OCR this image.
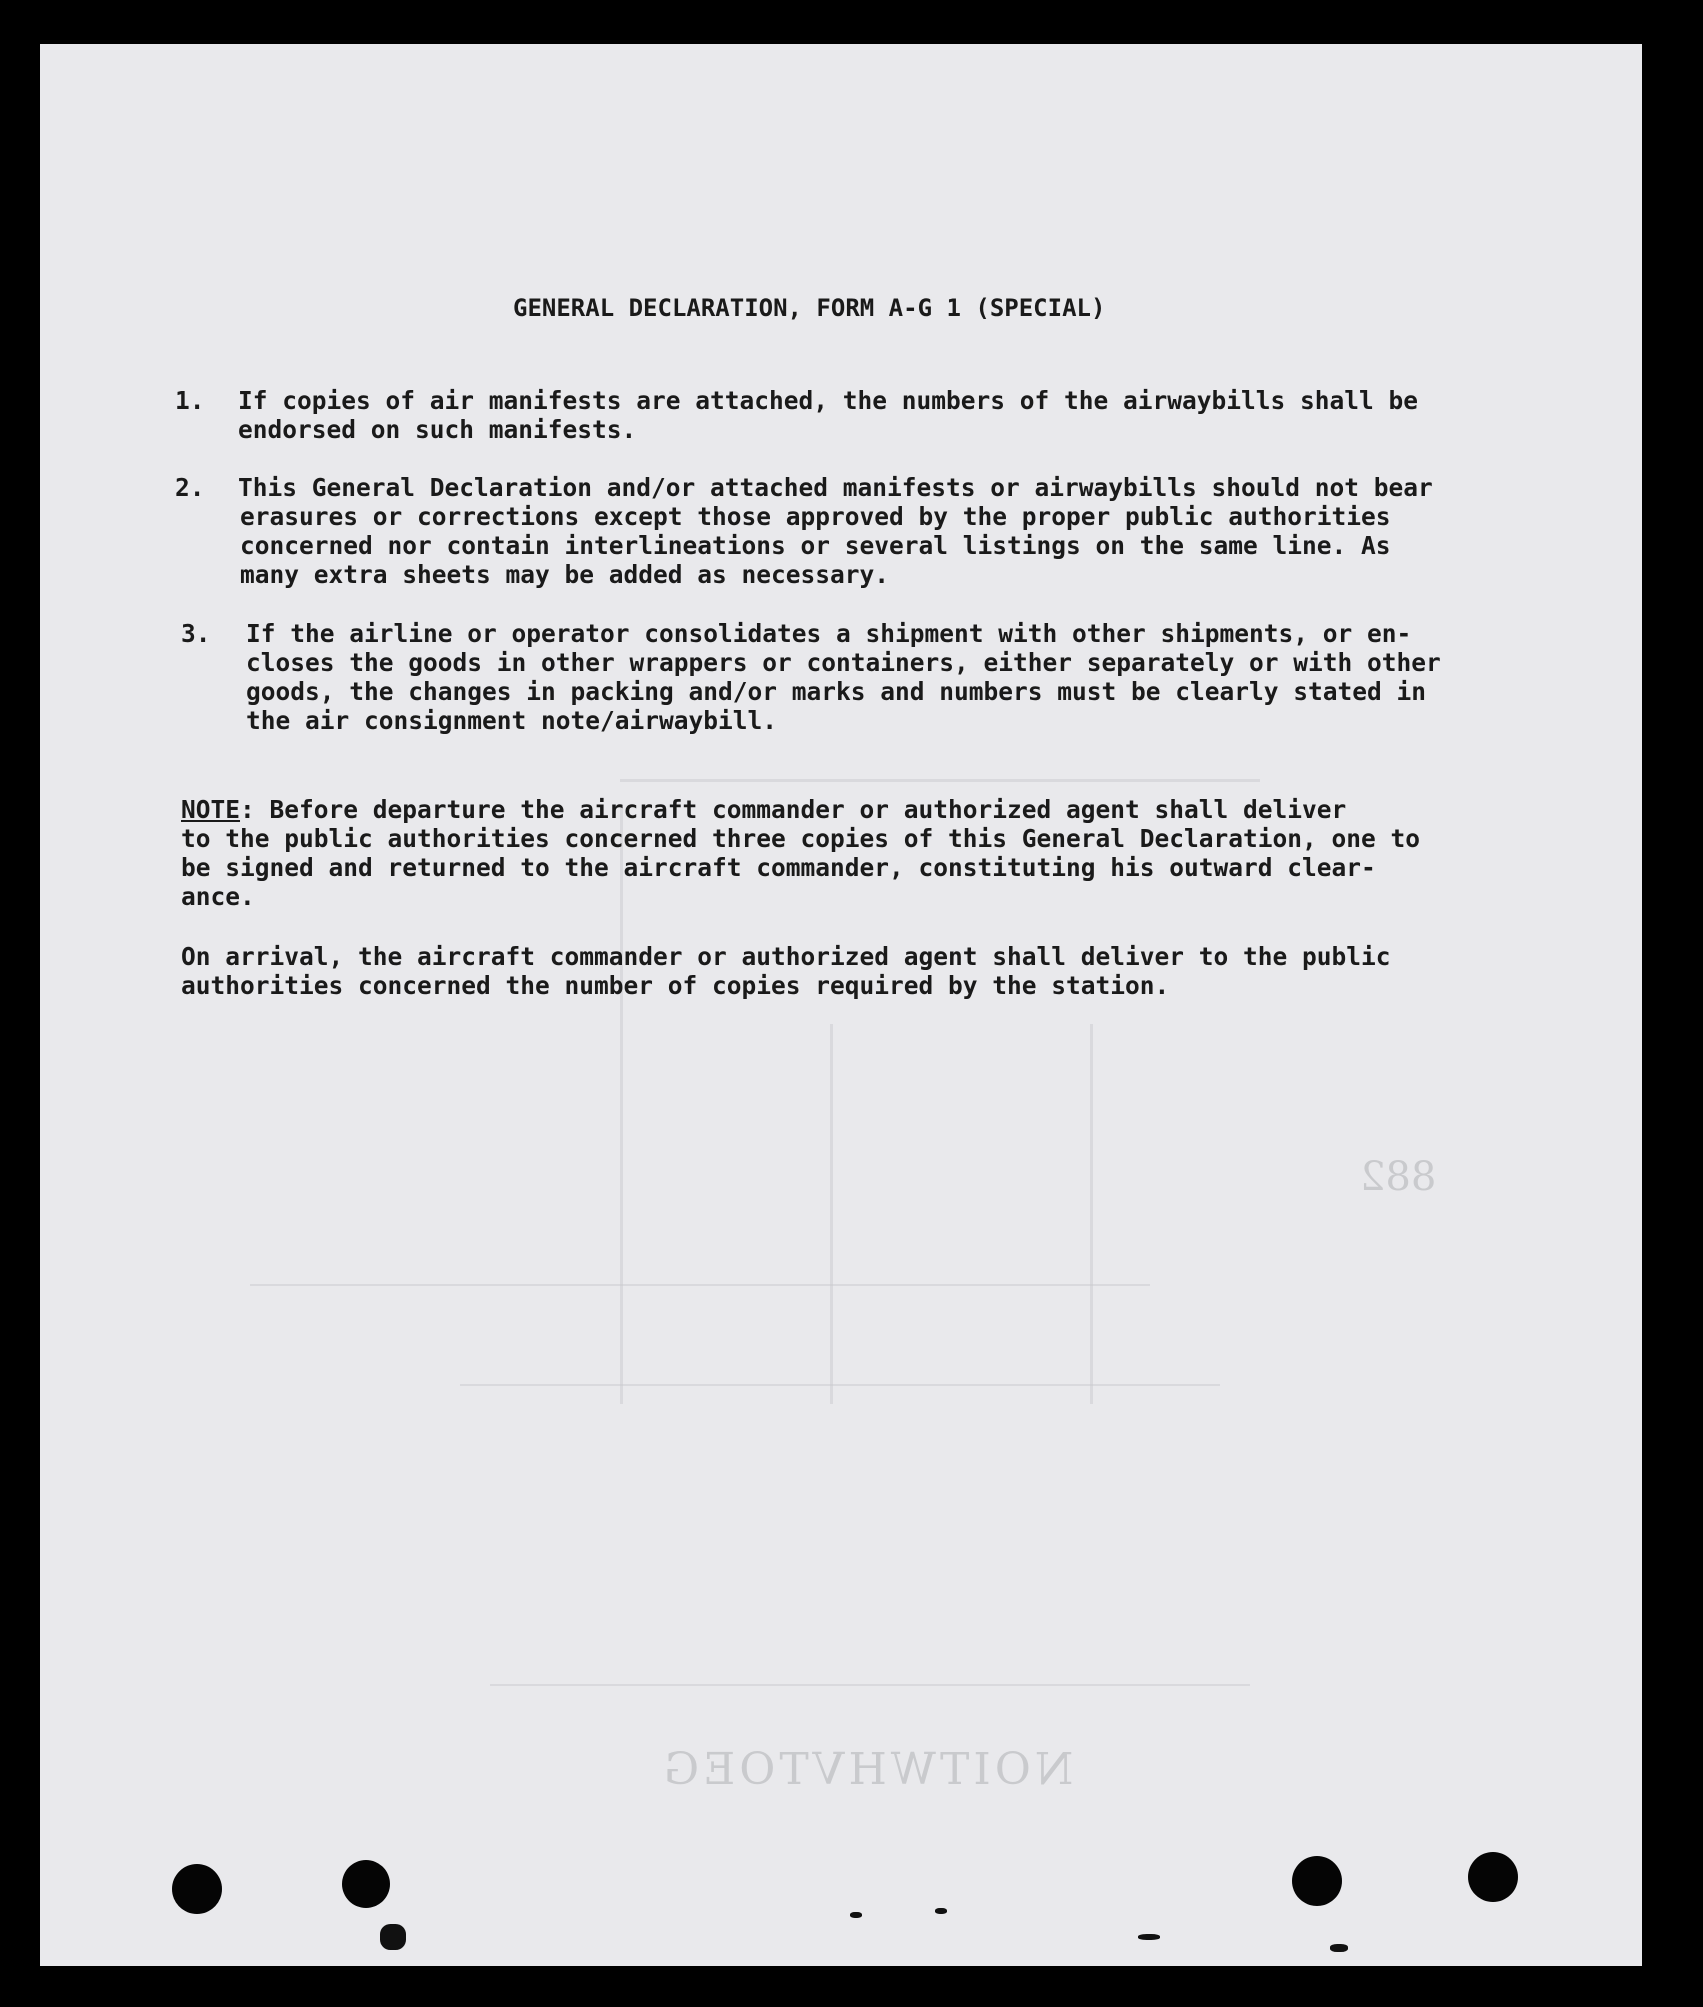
882
NOITWHVTOEG
GENERAL DECLARATION, FORM A-G 1 (SPECIAL)
1. If copies of air manifests are attached, the numbers of the airwaybills shall be
endorsed on such manifests.
2. This General Declaration and/or attached manifests or airwaybills should not bear
erasures or corrections except those approved by the proper public authorities
concerned nor contain interlineations or several listings on the same line. As
many extra sheets may be added as necessary.
3. If the airline or operator consolidates a shipment with other shipments, or en-
closes the goods in other wrappers or containers, either separately or with other
goods, the changes in packing and/or marks and numbers must be clearly stated in
the air consignment note/airwaybill.
NOTE: Before departure the aircraft commander or authorized agent shall deliver
to the public authorities concerned three copies of this General Declaration, one to
be signed and returned to the aircraft commander, constituting his outward clear-
ance.
On arrival, the aircraft commander or authorized agent shall deliver to the public
authorities concerned the number of copies required by the station.
